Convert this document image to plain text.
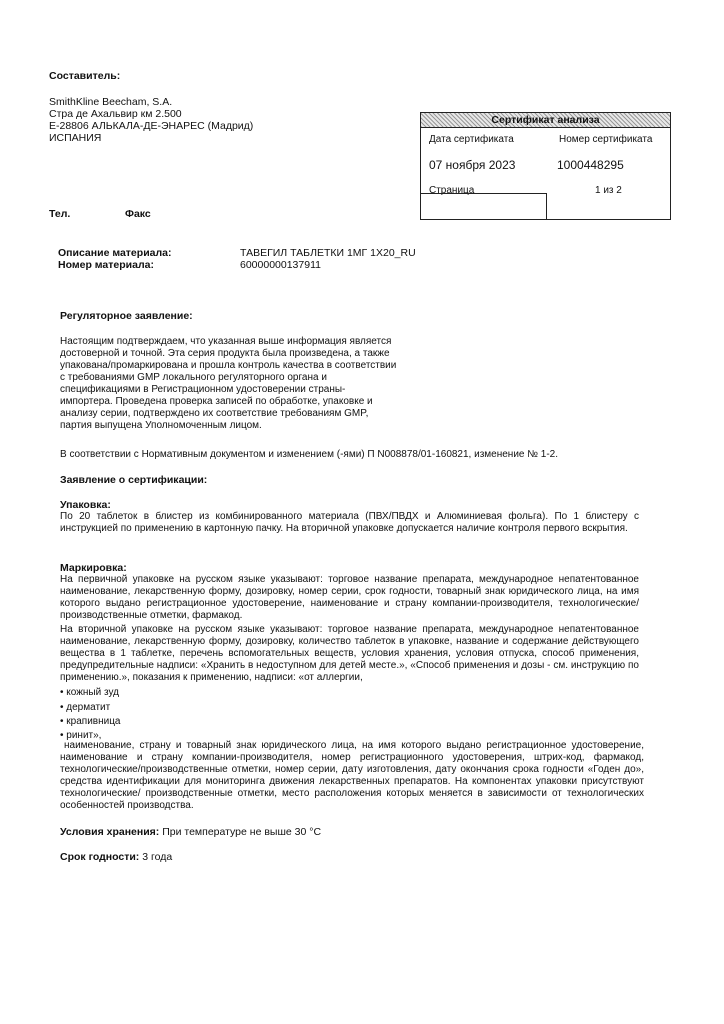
Составитель:
SmithKline Beecham, S.A.
Стра де Ахальвир км 2.500
E-28806 АЛЬКАЛА-ДЕ-ЭНАРЕС (Мадрид)
ИСПАНИЯ
Тел.	Факс
Сертификат анализа
Дата сертификата	Номер сертификата
07 ноября 2023	1000448295
Страница	1 из 2
Описание материала:	ТАВЕГИЛ ТАБЛЕТКИ 1МГ 1Х20_RU
Номер материала:	60000000137911
Регуляторное заявление:
Настоящим подтверждаем, что указанная выше информация является
достоверной и точной. Эта серия продукта была произведена, а также
упакована/промаркирована и прошла контроль качества в соответствии
с требованиями GMP локального регуляторного органа и
спецификациями в Регистрационном удостоверении страны-
импортера. Проведена проверка записей по обработке, упаковке и
анализу серии, подтверждено их соответствие требованиям GMP,
партия выпущена Уполномоченным лицом.
В соответствии с Нормативным документом и изменением (-ями) П N008878/01-160821, изменение № 1-2.
Заявление о сертификации:
Упаковка:
По 20 таблеток в блистер из комбинированного материала (ПВХ/ПВДХ и Алюминиевая фольга). По 1 блистеру с инструкцией по применению в картонную пачку. На вторичной упаковке допускается наличие контроля первого вскрытия.
Маркировка:
На первичной упаковке на русском языке указывают: торговое название препарата, международное непатентованное наименование, лекарственную форму, дозировку, номер серии, срок годности, товарный знак юридического лица, на имя которого выдано регистрационное удостоверение, наименование и страну компании-производителя, технологические/производственные отметки, фармакод.
На вторичной упаковке на русском языке указывают: торговое название препарата, международное непатентованное наименование, лекарственную форму, дозировку, количество таблеток в упаковке, название и содержание действующего вещества в 1 таблетке, перечень вспомогательных веществ, условия хранения, условия отпуска, способ применения, предупредительные надписи: «Хранить в недоступном для детей месте.», «Способ применения и дозы - см. инструкцию по применению.», показания к применению, надписи: «от аллергии,
• кожный зуд
• дерматит
• крапивница
• ринит»,
наименование, страну и товарный знак юридического лица, на имя которого выдано регистрационное удостоверение, наименование и страну компании-производителя, номер регистрационного удостоверения, штрих-код, фармакод, технологические/производственные отметки, номер серии, дату изготовления, дату окончания срока годности «Годен до», средства идентификации для мониторинга движения лекарственных препаратов. На компонентах упаковки присутствуют технологические/ производственные отметки, место расположения которых меняется в зависимости от технологических особенностей производства.
Условия хранения: При температуре не выше 30 °С
Срок годности: 3 года
